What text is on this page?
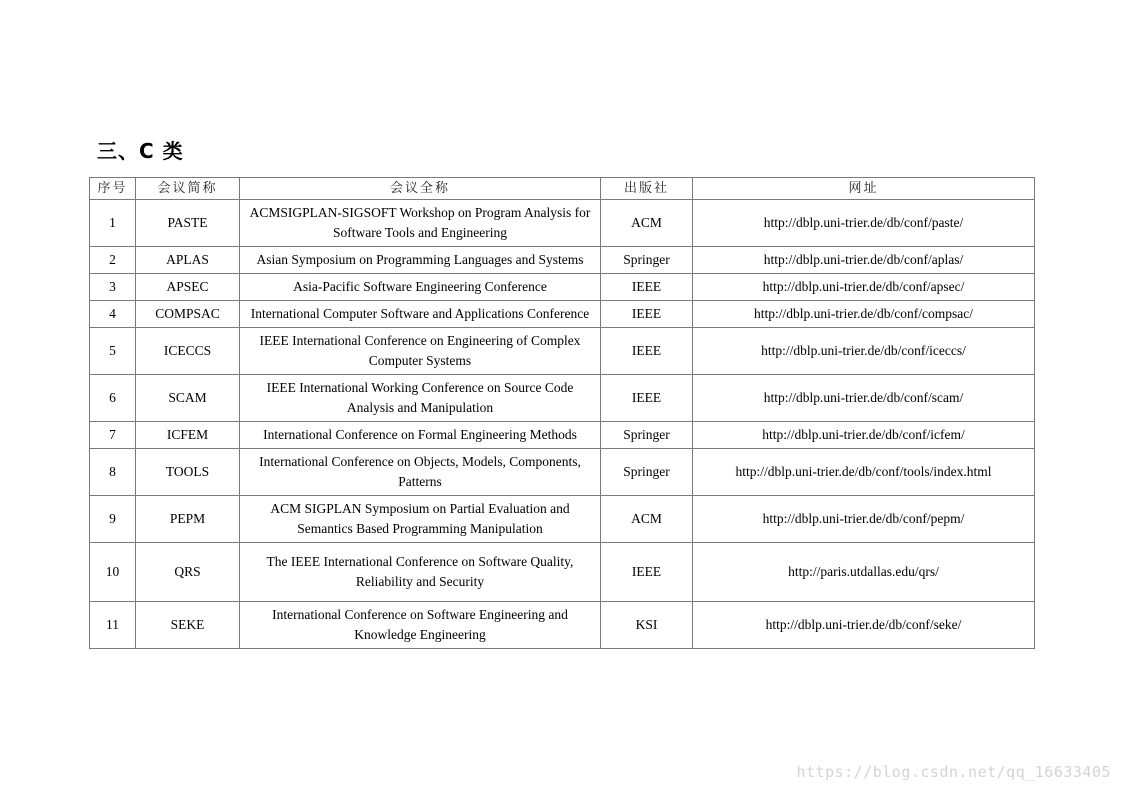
三、C 类
序号	会议简称	会议全称	出版社	网址
1	PASTE	ACMSIGPLAN-SIGSOFT Workshop on Program Analysis for Software Tools and Engineering	ACM	http://dblp.uni-trier.de/db/conf/paste/
2	APLAS	Asian Symposium on Programming Languages and Systems	Springer	http://dblp.uni-trier.de/db/conf/aplas/
3	APSEC	Asia-Pacific Software Engineering Conference	IEEE	http://dblp.uni-trier.de/db/conf/apsec/
4	COMPSAC	International Computer Software and Applications Conference	IEEE	http://dblp.uni-trier.de/db/conf/compsac/
5	ICECCS	IEEE International Conference on Engineering of Complex Computer Systems	IEEE	http://dblp.uni-trier.de/db/conf/iceccs/
6	SCAM	IEEE International Working Conference on Source Code Analysis and Manipulation	IEEE	http://dblp.uni-trier.de/db/conf/scam/
7	ICFEM	International Conference on Formal Engineering Methods	Springer	http://dblp.uni-trier.de/db/conf/icfem/
8	TOOLS	International Conference on Objects, Models, Components, Patterns	Springer	http://dblp.uni-trier.de/db/conf/tools/index.html
9	PEPM	ACM SIGPLAN Symposium on Partial Evaluation and Semantics Based Programming Manipulation	ACM	http://dblp.uni-trier.de/db/conf/pepm/
10	QRS	The IEEE International Conference on Software Quality, Reliability and Security	IEEE	http://paris.utdallas.edu/qrs/
11	SEKE	International Conference on Software Engineering and Knowledge Engineering	KSI	http://dblp.uni-trier.de/db/conf/seke/
https://blog.csdn.net/qq_16633405
